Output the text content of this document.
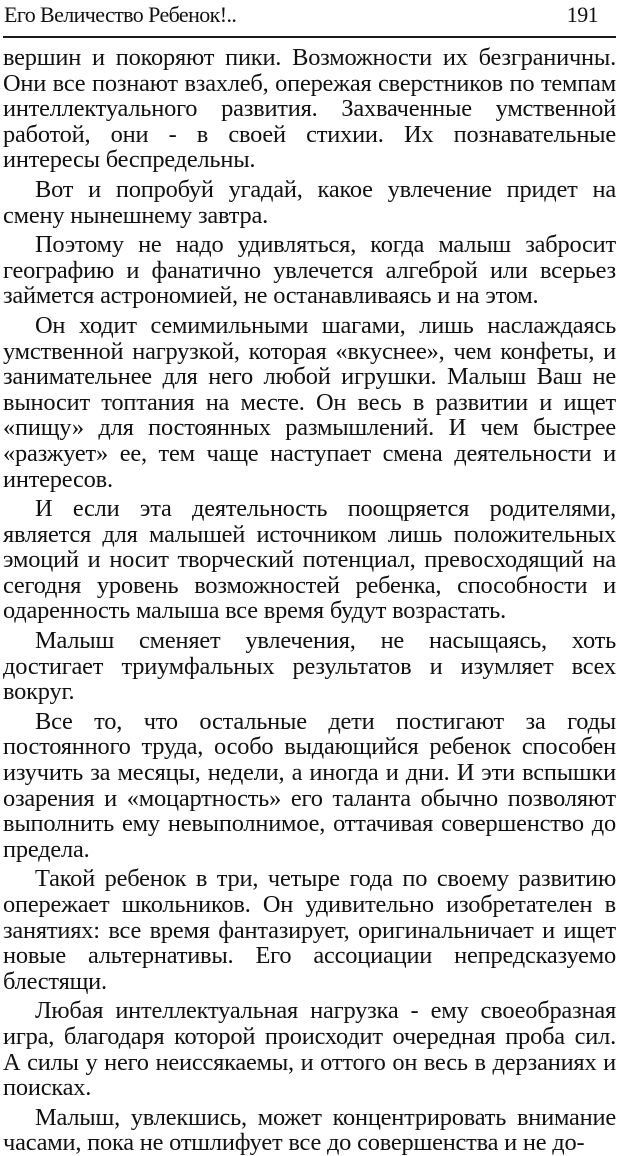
Его Величество Ребенок!..	191

вершин и покоряют пики. Возможности их безграничны. Они все познают взахлеб, опережая сверстников по темпам интеллектуального развития. Захваченные умственной работой, они - в своей стихии. Их познавательные интересы беспредельны.

Вот и попробуй угадай, какое увлечение придет на смену нынешнему завтра.

Поэтому не надо удивляться, когда малыш забросит географию и фанатично увлечется алгеброй или всерьез займется астрономией, не останавливаясь и на этом.

Он ходит семимильными шагами, лишь наслаждаясь умственной нагрузкой, которая «вкуснее», чем конфеты, и занимательнее для него любой игрушки. Малыш Ваш не выносит топтания на месте. Он весь в развитии и ищет «пищу» для постоянных размышлений. И чем быстрее «разжует» ее, тем чаще наступает смена деятельности и интересов.

И если эта деятельность поощряется родителями, является для малышей источником лишь положительных эмоций и носит творческий потенциал, превосходящий на сегодня уровень возможностей ребенка, способности и одаренность малыша все время будут возрастать.

Малыш сменяет увлечения, не насыщаясь, хоть достигает триумфальных результатов и изумляет всех вокруг.

Все то, что остальные дети постигают за годы постоянного труда, особо выдающийся ребенок способен изучить за месяцы, недели, а иногда и дни. И эти вспышки озарения и «моцартность» его таланта обычно позволяют выполнить ему невыполнимое, оттачивая совершенство до предела.

Такой ребенок в три, четыре года по своему развитию опережает школьников. Он удивительно изобретателен в занятиях: все время фантазирует, оригинальничает и ищет новые альтернативы. Его ассоциации непредсказуемо блестящи.

Любая интеллектуальная нагрузка - ему своеобразная игра, благодаря которой происходит очередная проба сил. А силы у него неиссякаемы, и оттого он весь в дерзаниях и поисках.

Малыш, увлекшись, может концентрировать внимание часами, пока не отшлифует все до совершенства и не до-
